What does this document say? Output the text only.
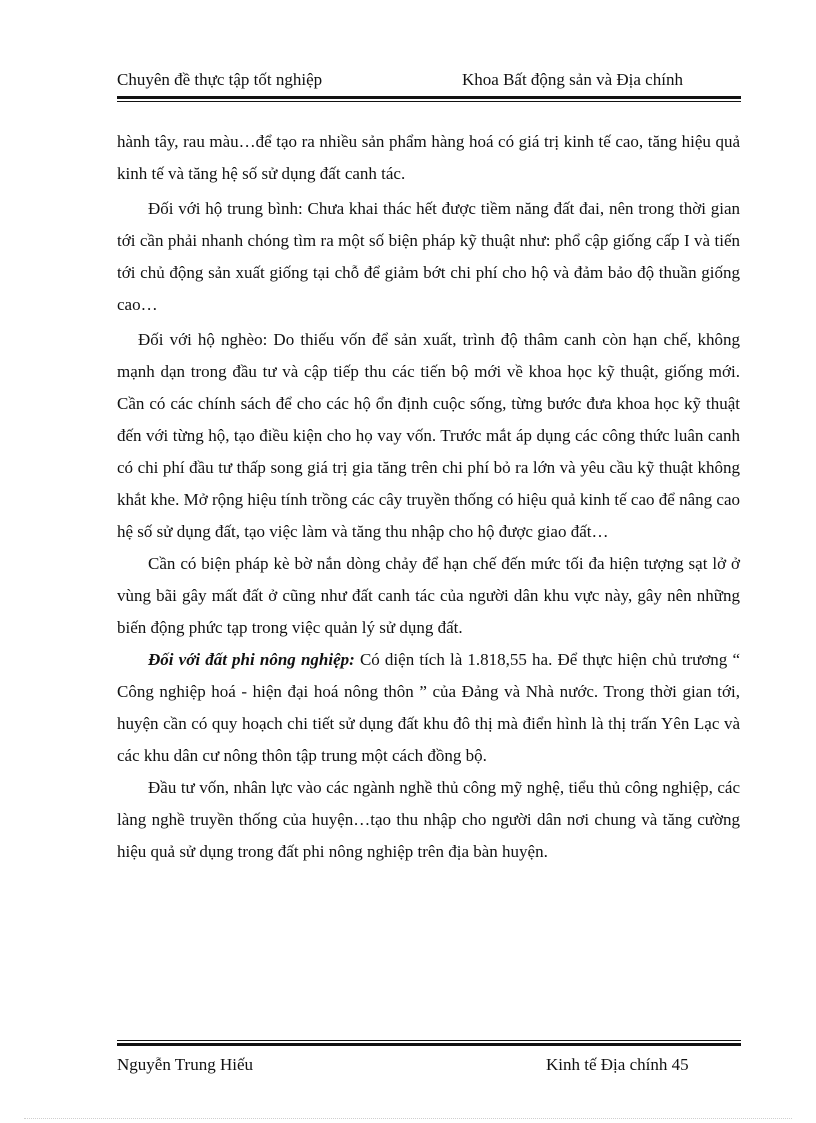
Chuyên đề thực tập tốt nghiệp	Khoa Bất động sản và Địa chính

hành tây, rau màu…để tạo ra nhiều sản phẩm hàng hoá có giá trị kinh tế cao, tăng hiệu quả kinh tế và tăng hệ số sử dụng đất canh tác.

Đối với hộ trung bình: Chưa khai thác hết được tiềm năng đất đai, nên trong thời gian tới cần phải nhanh chóng tìm ra một số biện pháp kỹ thuật như: phổ cập giống cấp I và tiến tới chủ động sản xuất giống tại chỗ để giảm bớt chi phí cho hộ và đảm bảo độ thuần giống cao…

Đối với hộ nghèo: Do thiếu vốn để sản xuất, trình độ thâm canh còn hạn chế, không mạnh dạn trong đầu tư và cập tiếp thu các tiến bộ mới về khoa học kỹ thuật, giống mới. Cần có các chính sách để cho các hộ ổn định cuộc sống, từng bước đưa khoa học kỹ thuật đến với từng hộ, tạo điều kiện cho họ vay vốn. Trước mắt áp dụng các công thức luân canh có chi phí đầu tư thấp song giá trị gia tăng trên chi phí bỏ ra lớn và yêu cầu kỹ thuật không khắt khe. Mở rộng hiệu tính trồng các cây truyền thống có hiệu quả kinh tế cao để nâng cao hệ số sử dụng đất, tạo việc làm và tăng thu nhập cho hộ được giao đất…

Cần có biện pháp kè bờ nắn dòng chảy để hạn chế đến mức tối đa hiện tượng sạt lở ở vùng bãi gây mất đất ở cũng như đất canh tác của người dân khu vực này, gây nên những biến động phức tạp trong việc quản lý sử dụng đất.

Đối với đất phi nông nghiệp: Có diện tích là 1.818,55 ha. Để thực hiện chủ trương “ Công nghiệp hoá - hiện đại hoá nông thôn ” của Đảng và Nhà nước. Trong thời gian tới, huyện cần có quy hoạch chi tiết sử dụng đất khu đô thị mà điển hình là thị trấn Yên Lạc và các khu dân cư nông thôn tập trung một cách đồng bộ.

Đầu tư vốn, nhân lực vào các ngành nghề thủ công mỹ nghệ, tiểu thủ công nghiệp, các làng nghề truyền thống của huyện…tạo thu nhập cho người dân nơi chung và tăng cường hiệu quả sử dụng trong đất phi nông nghiệp trên địa bàn huyện.

Nguyễn Trung Hiếu	Kinh tế Địa chính 45
